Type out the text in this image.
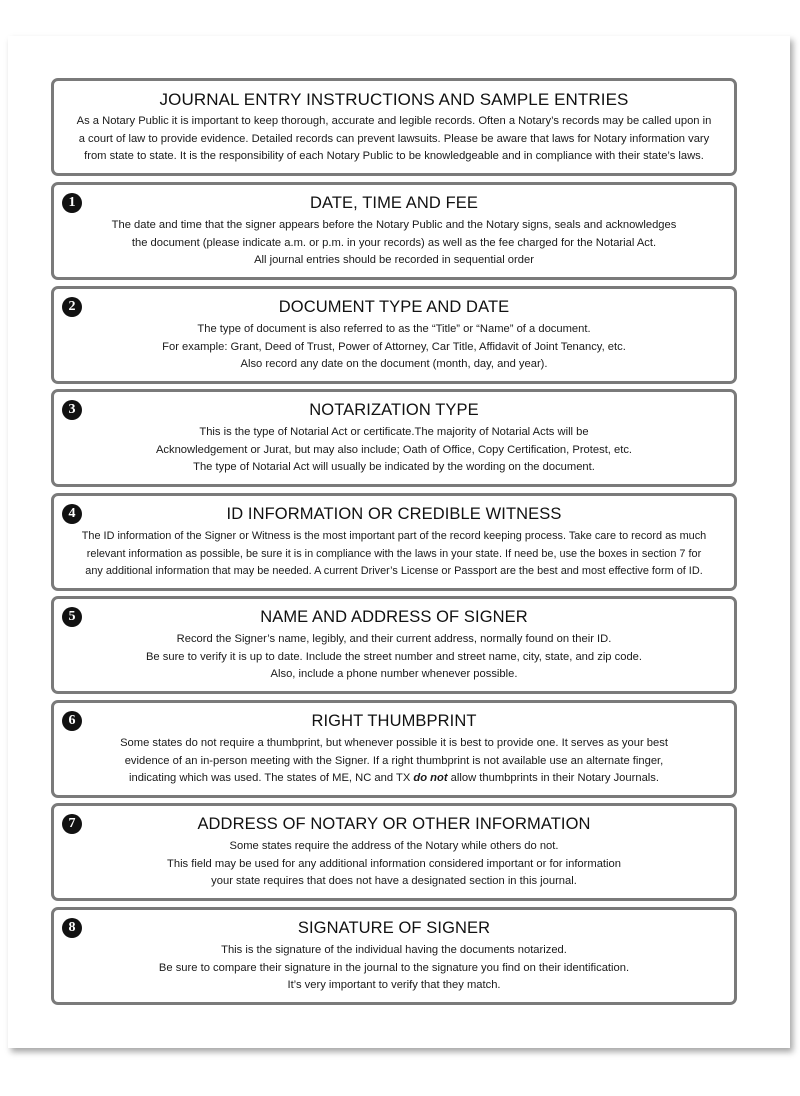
JOURNAL ENTRY INSTRUCTIONS AND SAMPLE ENTRIES

As a Notary Public it is important to keep thorough, accurate and legible records. Often a Notary’s records may be called upon in
a court of law to provide evidence. Detailed records can prevent lawsuits. Please be aware that laws for Notary information vary
from state to state. It is the responsibility of each Notary Public to be knowledgeable and in compliance with their state’s laws.

1	DATE, TIME AND FEE

The date and time that the signer appears before the Notary Public and the Notary signs, seals and acknowledges
the document (please indicate a.m. or p.m. in your records) as well as the fee charged for the Notarial Act.
All journal entries should be recorded in sequential order

2	DOCUMENT TYPE AND DATE

The type of document is also referred to as the “Title” or “Name” of a document.
For example: Grant, Deed of Trust, Power of Attorney, Car Title, Affidavit of Joint Tenancy, etc.
Also record any date on the document (month, day, and year).

3	NOTARIZATION TYPE

This is the type of Notarial Act or certificate.The majority of Notarial Acts will be
Acknowledgement or Jurat, but may also include; Oath of Office, Copy Certification, Protest, etc.
The type of Notarial Act will usually be indicated by the wording on the document.

4	ID INFORMATION OR CREDIBLE WITNESS

The ID information of the Signer or Witness is the most important part of the record keeping process. Take care to record as much
relevant information as possible, be sure it is in compliance with the laws in your state. If need be, use the boxes in section 7 for
any additional information that may be needed. A current Driver’s License or Passport are the best and most effective form of ID.

5	NAME AND ADDRESS OF SIGNER

Record the Signer’s name, legibly, and their current address, normally found on their ID.
Be sure to verify it is up to date. Include the street number and street name, city, state, and zip code.
Also, include a phone number whenever possible.

6	RIGHT THUMBPRINT

Some states do not require a thumbprint, but whenever possible it is best to provide one. It serves as your best
evidence of an in-person meeting with the Signer. If a right thumbprint is not available use an alternate finger,
indicating which was used. The states of ME, NC and TX do not allow thumbprints in their Notary Journals.

7	ADDRESS OF NOTARY OR OTHER INFORMATION

Some states require the address of the Notary while others do not.
This field may be used for any additional information considered important or for information
your state requires that does not have a designated section in this journal.

8	SIGNATURE OF SIGNER

This is the signature of the individual having the documents notarized.
Be sure to compare their signature in the journal to the signature you find on their identification.
It’s very important to verify that they match.
